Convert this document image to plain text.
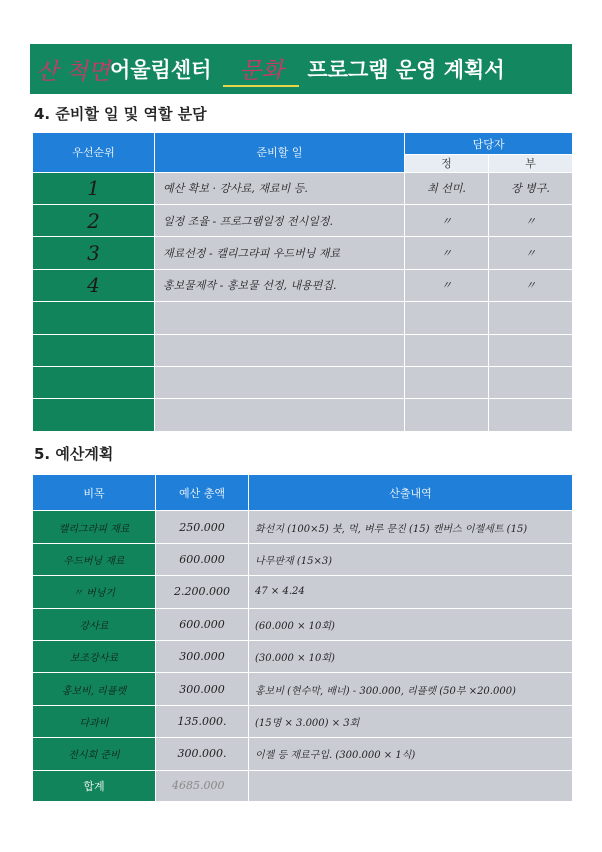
산 척면 어울림센터	문화	프로그램 운영 계획서
4. 준비할 일 및 역할 분담
우선순위	준비할 일	담당자	
		정	부
1	예산 확보 · 강사료, 재료비 등.	최 선미.	장 병구.
2	일정 조율 - 프로그램일정 전시일정.	〃	〃
3	재료선정 - 캘리그라피 우드버닝 재료	〃	〃
4	홍보물제작 - 홍보물 선정, 내용편집.	〃	〃

5. 예산계획
비목	예산 총액	산출내역
캘리그라피 재료	250.000	화선지 (100×5) 붓, 먹, 벼루 문진 (15) 캔버스 이젤세트 (15)
우드버닝 재료	600.000	나무판재 (15×3)
〃 버닝기	2.200.000	47 × 4.24
강사료	600.000	(60.000 × 10회)
보조강사료	300.000	(30.000 × 10회)
홍보비, 리플렛	300.000	홍보비 (현수막, 배너) - 300.000, 리플렛 (50부 ×20.000)
다과비	135.000.	(15명 × 3.000) × 3회
전시회 준비	300.000.	이젤 등 재료구입. (300.000 × 1식)
합계	4685.000	
